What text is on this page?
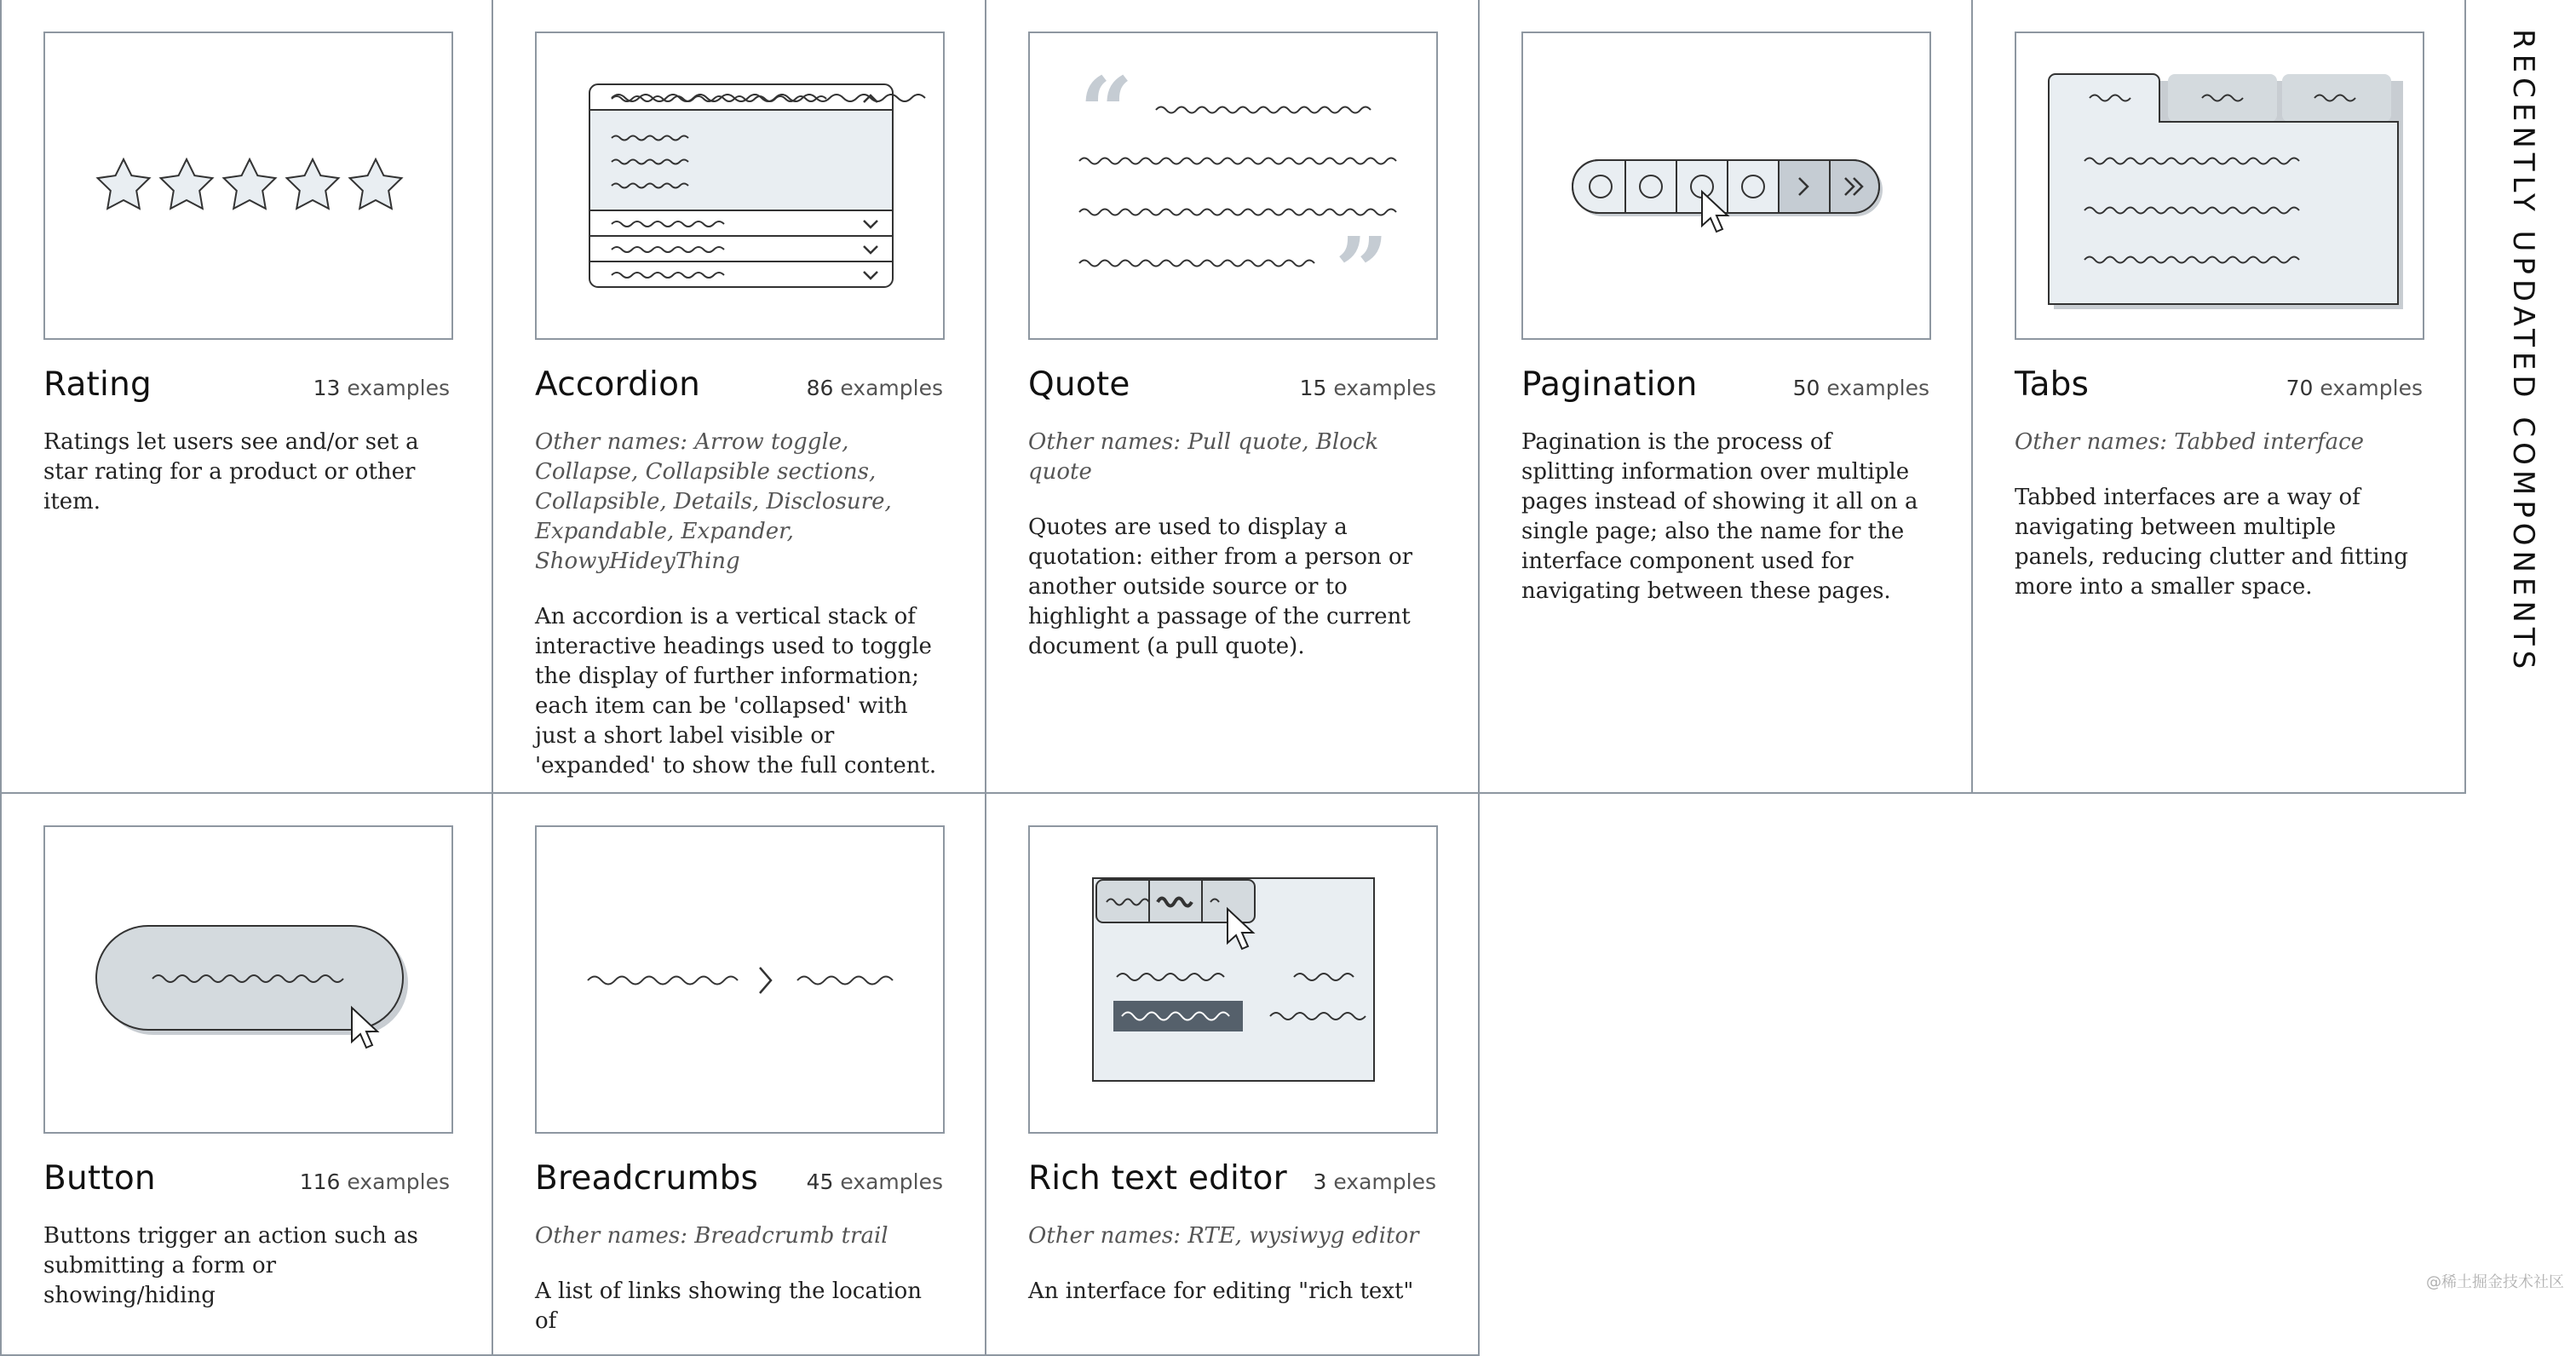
Rating	13 examples
Ratings let users see and/or set a star rating for a product or other item.
Accordion	86 examples
Other names: Arrow toggle, Collapse, Collapsible sections, Collapsible, Details, Disclosure, Expandable, Expander, ShowyHideyThing
An accordion is a vertical stack of interactive headings used to toggle the display of further information; each item can be 'collapsed' with just a short label visible or 'expanded' to show the full content.
“
”
Quote	15 examples
Other names: Pull quote, Block quote
Quotes are used to display a quotation: either from a person or another outside source or to highlight a passage of the current document (a pull quote).
Pagination	50 examples
Pagination is the process of splitting information over multiple pages instead of showing it all on a single page; also the name for the interface component used for navigating between these pages.
Tabs	70 examples
Other names: Tabbed interface
Tabbed interfaces are a way of navigating between multiple panels, reducing clutter and fitting more into a smaller space.
Button	116 examples
Buttons trigger an action such as submitting a form or showing/hiding
Breadcrumbs 45 examples
Other names: Breadcrumb trail
A list of links showing the location of
Rich text editor 3 examples
Other names: RTE, wysiwyg editor
An interface for editing "rich text"
RECENTLY UPDATED COMPONENTS
@稀土掘金技术社区
